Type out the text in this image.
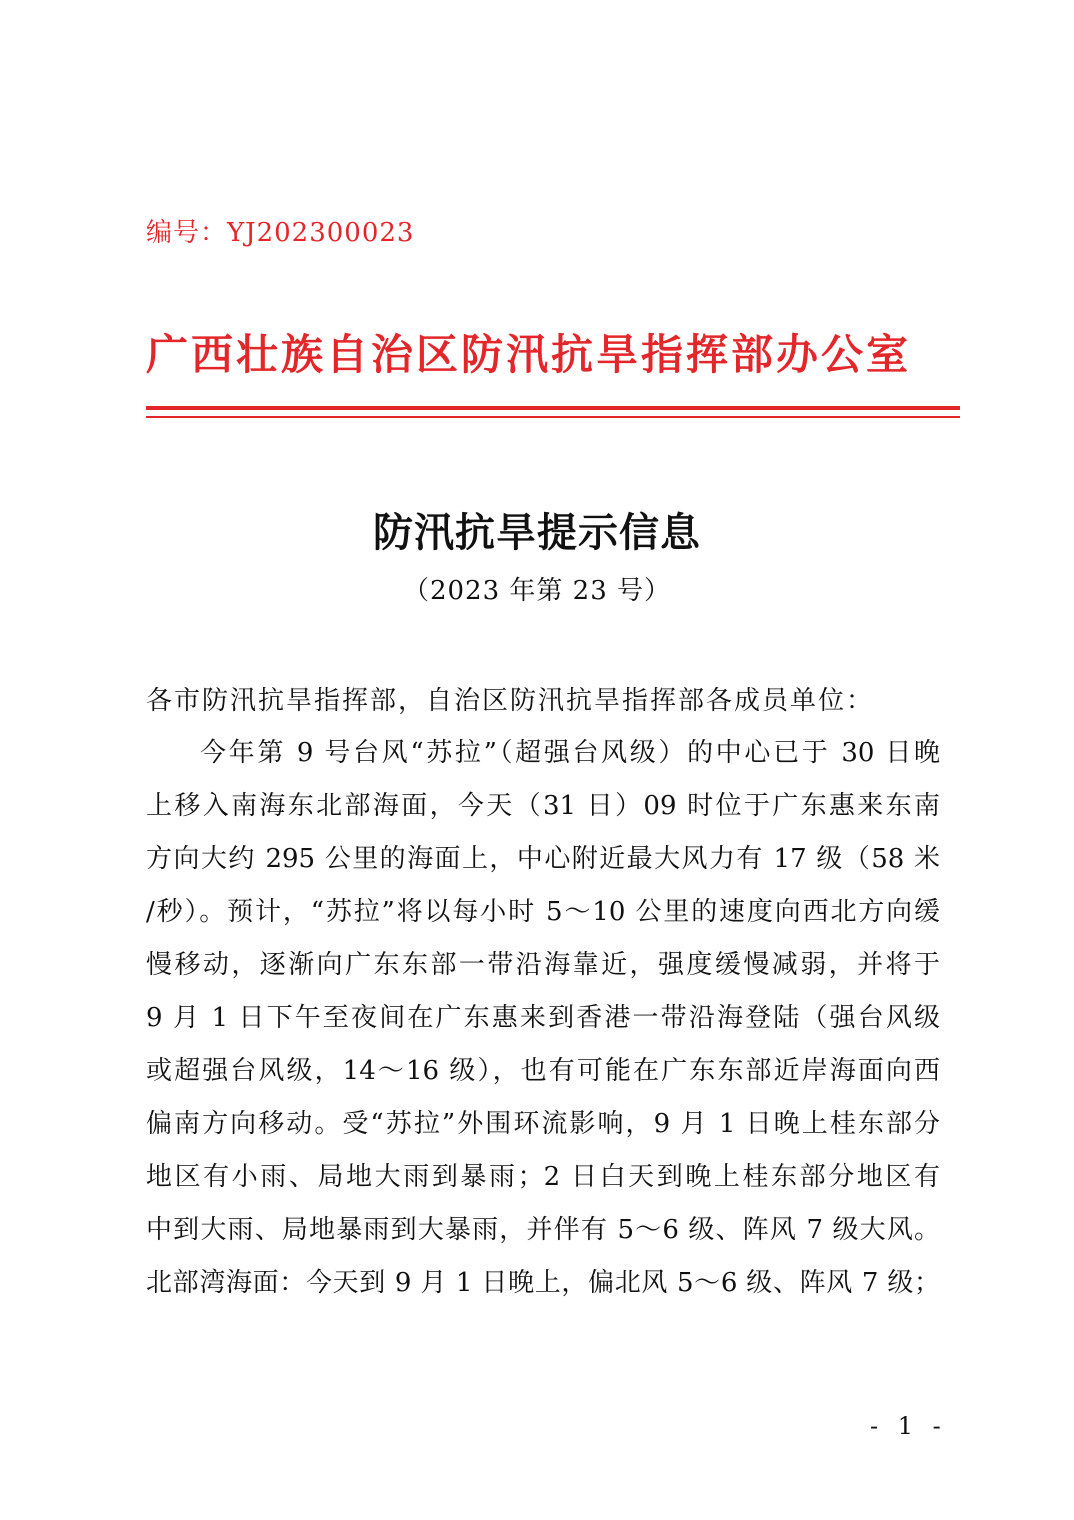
编号：YJ202300023
广西壮族自治区防汛抗旱指挥部办公室
防汛抗旱提示信息
（2023 年第 23 号）
各市防汛抗旱指挥部，自治区防汛抗旱指挥部各成员单位：
今年第 9 号台风“苏拉”（超强台风级）的中心已于 30 日晚
上移入南海东北部海面，今天（31 日）09 时位于广东惠来东南
方向大约 295 公里的海面上，中心附近最大风力有 17 级（58 米
/秒）。预计，“苏拉”将以每小时 5～10 公里的速度向西北方向缓
慢移动，逐渐向广东东部一带沿海靠近，强度缓慢减弱，并将于
9 月 1 日下午至夜间在广东惠来到香港一带沿海登陆（强台风级
或超强台风级，14～16 级），也有可能在广东东部近岸海面向西
偏南方向移动。受“苏拉”外围环流影响，9 月 1 日晚上桂东部分
地区有小雨、局地大雨到暴雨；2 日白天到晚上桂东部分地区有
中到大雨、局地暴雨到大暴雨，并伴有 5～6 级、阵风 7 级大风。
北部湾海面：今天到 9 月 1 日晚上，偏北风 5～6 级、阵风 7 级；
- 1 -
